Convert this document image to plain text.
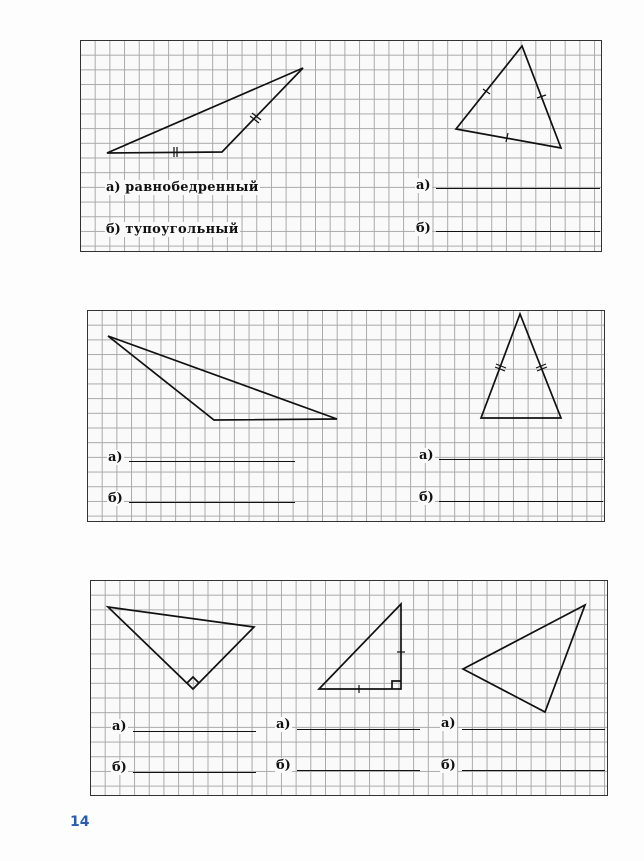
а) равнобедренный
б) тупоугольный
а)
б)
а)
б)
а)
б)
а)
б)
а)
б)
а)
б)
14
